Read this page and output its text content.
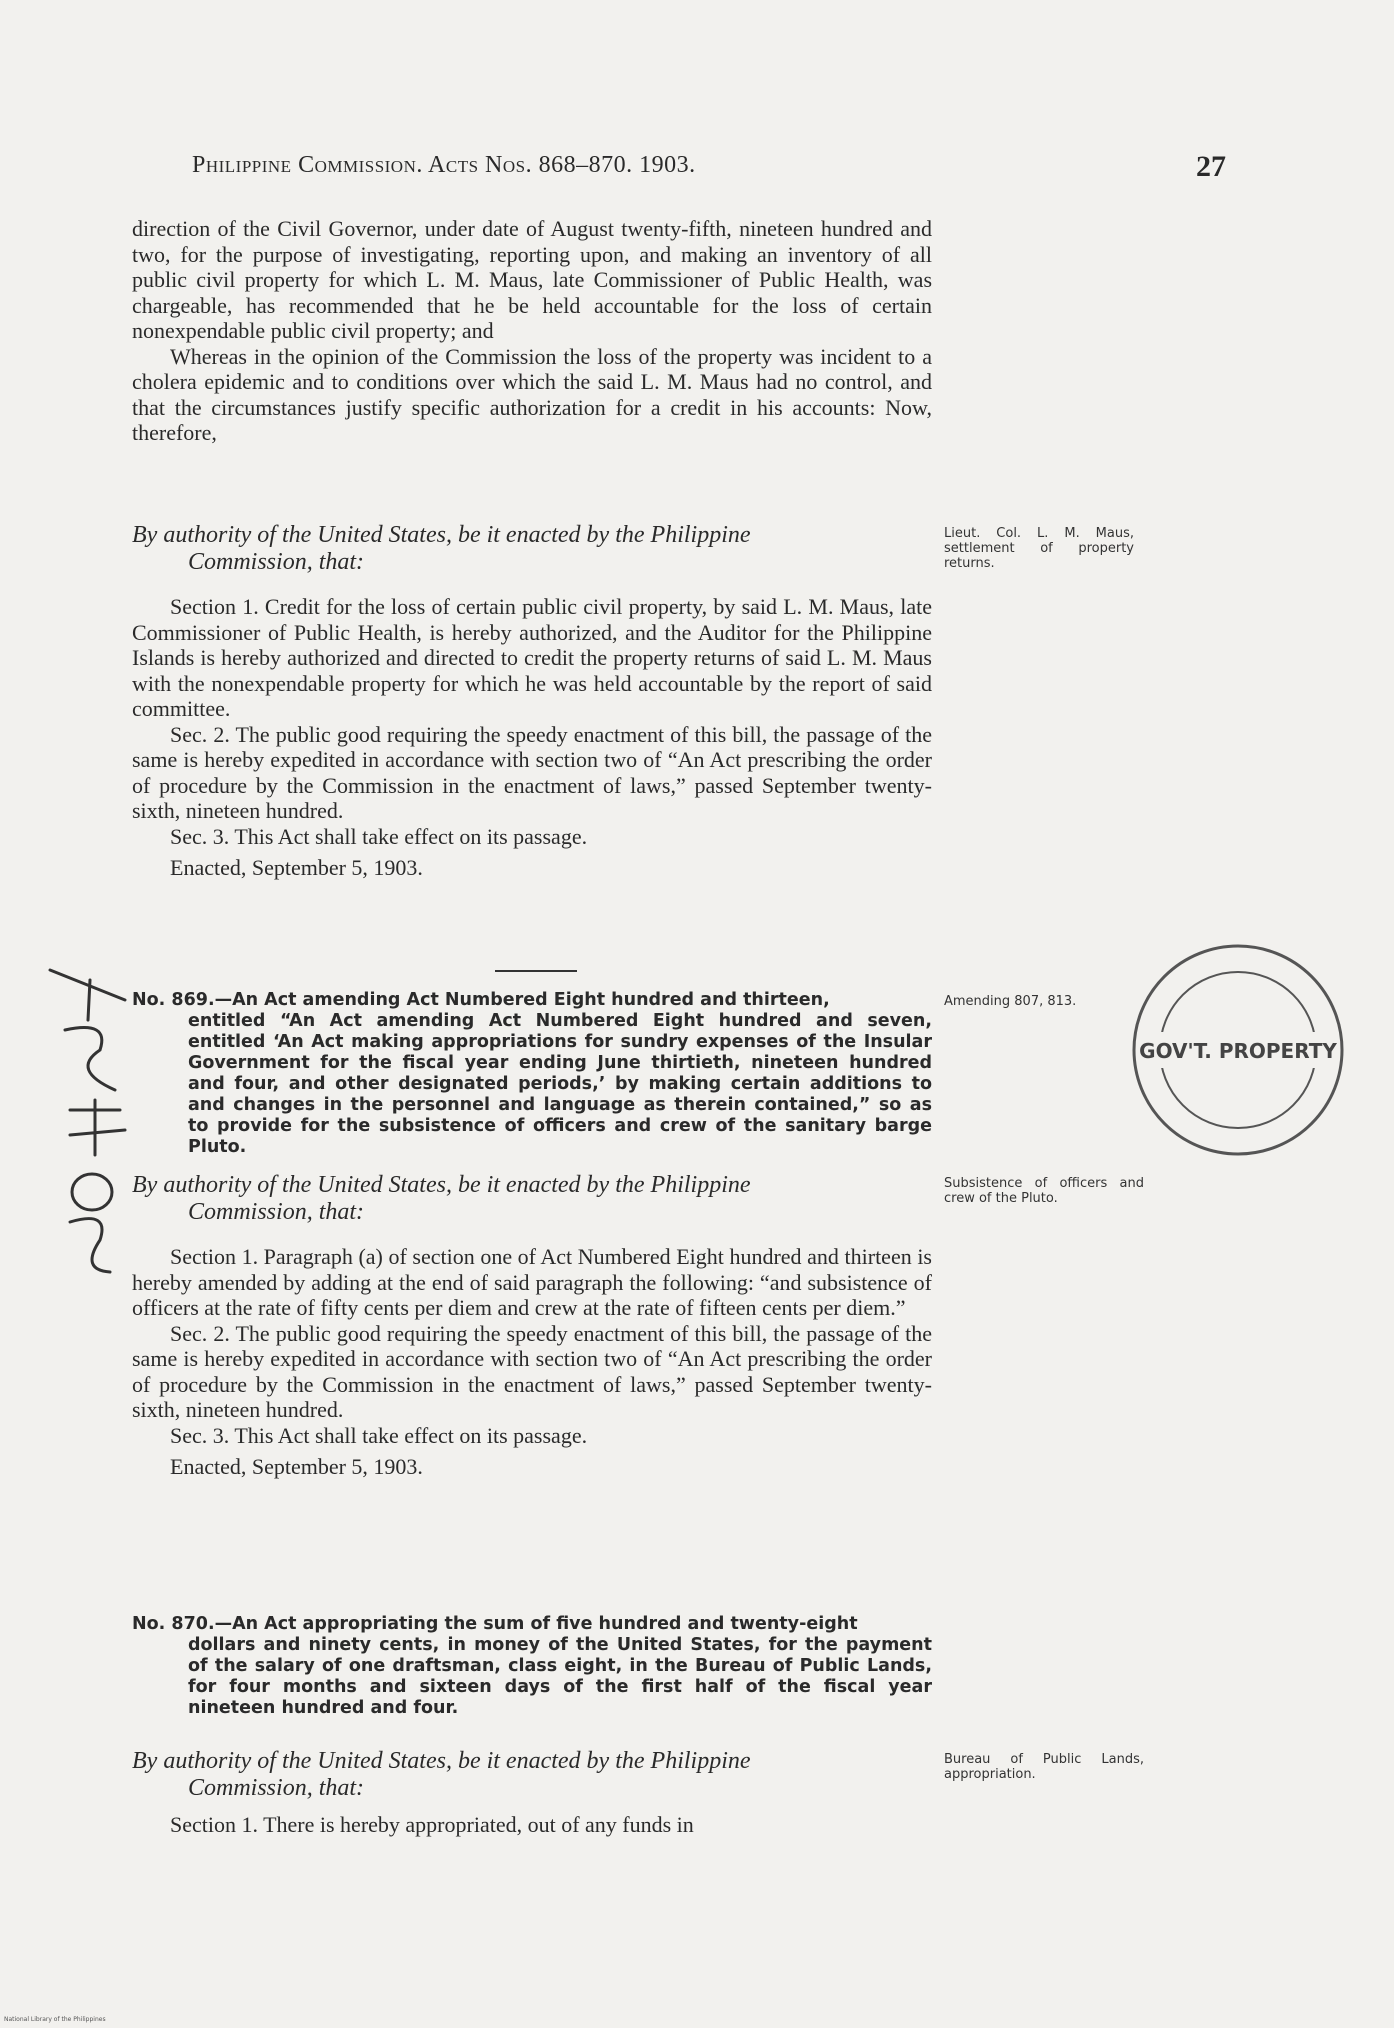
Philippine Commission. Acts Nos. 868–870. 1903.	27

direction of the Civil Governor, under date of August twenty-fifth, nineteen hundred and two, for the purpose of investigating, reporting upon, and making an inventory of all public civil property for which L. M. Maus, late Commissioner of Public Health, was chargeable, has recommended that he be held accountable for the loss of certain nonexpendable public civil property; and

Whereas in the opinion of the Commission the loss of the property was incident to a cholera epidemic and to conditions over which the said L. M. Maus had no control, and that the circumstances justify specific authorization for a credit in his accounts: Now, therefore,

By authority of the United States, be it enacted by the Philippine
Commission, that:
Lieut. Col. L. M. Maus, settlement of property returns.

Section 1. Credit for the loss of certain public civil property, by said L. M. Maus, late Commissioner of Public Health, is hereby authorized, and the Auditor for the Philippine Islands is hereby authorized and directed to credit the property returns of said L. M. Maus with the nonexpendable property for which he was held accountable by the report of said committee.

Sec. 2. The public good requiring the speedy enactment of this bill, the passage of the same is hereby expedited in accordance with section two of “An Act prescribing the order of procedure by the Commission in the enactment of laws,” passed September twenty-sixth, nineteen hundred.

Sec. 3. This Act shall take effect on its passage.

Enacted, September 5, 1903.

No. 869.—An Act amending Act Numbered Eight hundred and thirteen,
entitled “An Act amending Act Numbered Eight hundred and seven, entitled ‘An Act making appropriations for sundry expenses of the Insular Government for the fiscal year ending June thirtieth, nineteen hundred and four, and other designated periods,’ by making certain additions to and changes in the personnel and language as therein contained,” so as to provide for the subsistence of officers and crew of the sanitary barge Pluto.
Amending 807, 813.
By authority of the United States, be it enacted by the Philippine
Commission, that:
Subsistence of officers and crew of the Pluto.

Section 1. Paragraph (a) of section one of Act Numbered Eight hundred and thirteen is hereby amended by adding at the end of said paragraph the following: “and subsistence of officers at the rate of fifty cents per diem and crew at the rate of fifteen cents per diem.”

Sec. 2. The public good requiring the speedy enactment of this bill, the passage of the same is hereby expedited in accordance with section two of “An Act prescribing the order of procedure by the Commission in the enactment of laws,” passed September twenty-sixth, nineteen hundred.

Sec. 3. This Act shall take effect on its passage.

Enacted, September 5, 1903.

No. 870.—An Act appropriating the sum of five hundred and twenty-eight
dollars and ninety cents, in money of the United States, for the payment of the salary of one draftsman, class eight, in the Bureau of Public Lands, for four months and sixteen days of the first half of the fiscal year nineteen hundred and four.
By authority of the United States, be it enacted by the Philippine
Commission, that:
Bureau of Public Lands, appropriation.

Section 1. There is hereby appropriated, out of any funds in

GOV'T. PROPERTY
National Library of the Philippines
